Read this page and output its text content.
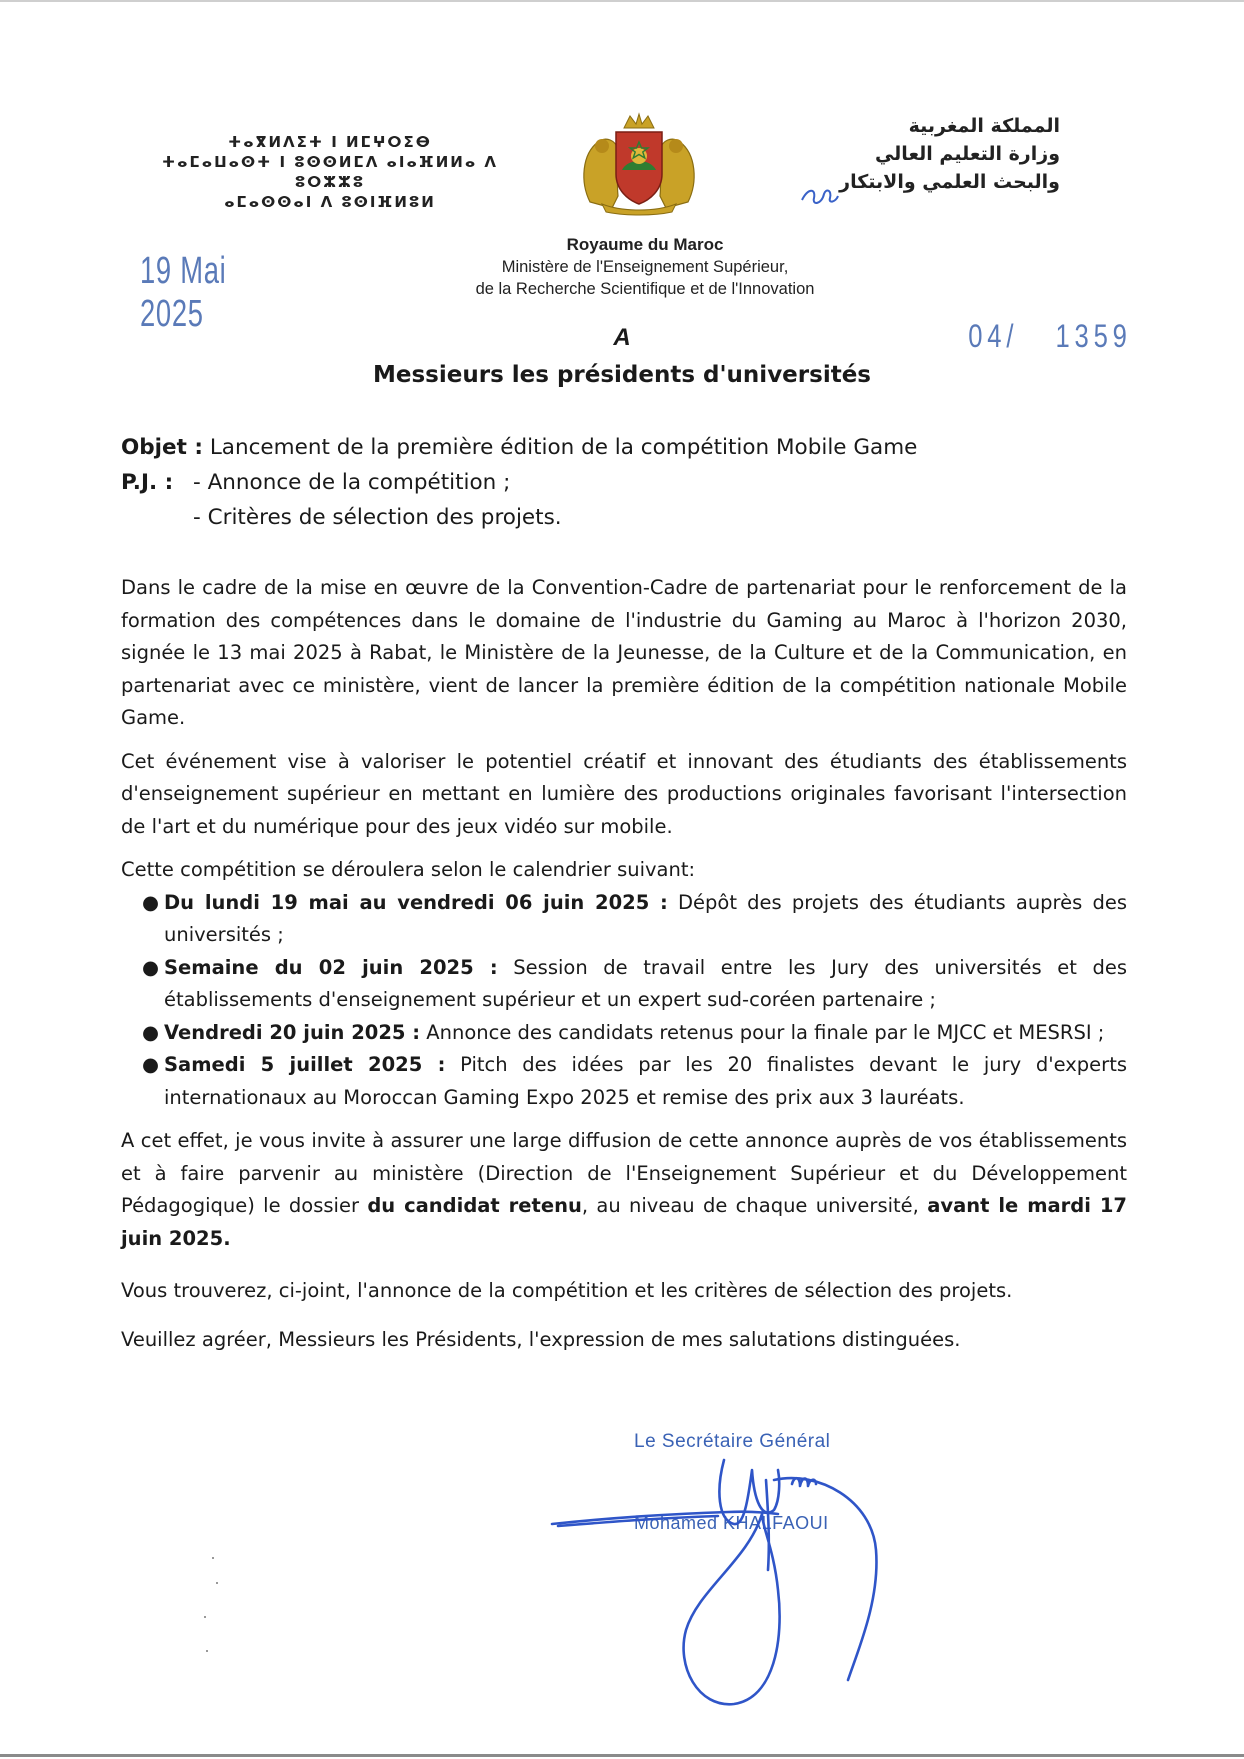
ⵜⴰⴳⵍⴷⵉⵜ ⵏ ⵍⵎⵖⵔⵉⴱ
ⵜⴰⵎⴰⵡⴰⵙⵜ ⵏ ⵓⵙⵙⵍⵎⴷ ⴰⵏⴰⴼⵍⵍⴰ ⴷ ⵓⵔⵣⵣⵓ
ⴰⵎⴰⵙⵙⴰⵏ ⴷ ⵓⵙⵏⴼⵍⵓⵍ
المملكة المغربية
وزارة التعليم العالي
والبحث العلمي والابتكار
19 Mai 2025
Royaume du Maroc
Ministère de l'Enseignement Supérieur,
de la Recherche Scientifique et de l'Innovation
04/ 1359
A
Messieurs les présidents d'universités
Objet : Lancement de la première édition de la compétition Mobile Game
P.J. : - Annonce de la compétition ;
- Critères de sélection des projets.

Dans le cadre de la mise en œuvre de la Convention-Cadre de partenariat pour le renforcement de la formation des compétences dans le domaine de l'industrie du Gaming au Maroc à l'horizon 2030, signée le 13 mai 2025 à Rabat, le Ministère de la Jeunesse, de la Culture et de la Communication, en partenariat avec ce ministère, vient de lancer la première édition de la compétition nationale Mobile Game.

Cet événement vise à valoriser le potentiel créatif et innovant des étudiants des établissements d'enseignement supérieur en mettant en lumière des productions originales favorisant l'intersection de l'art et du numérique pour des jeux vidéo sur mobile.

Cette compétition se déroulera selon le calendrier suivant:

● Du lundi 19 mai au vendredi 06 juin 2025 : Dépôt des projets des étudiants auprès des universités ;
● Semaine du 02 juin 2025 : Session de travail entre les Jury des universités et des établissements d'enseignement supérieur et un expert sud-coréen partenaire ;
● Vendredi 20 juin 2025 : Annonce des candidats retenus pour la finale par le MJCC et MESRSI ;
● Samedi 5 juillet 2025 : Pitch des idées par les 20 finalistes devant le jury d'experts internationaux au Moroccan Gaming Expo 2025 et remise des prix aux 3 lauréats.

A cet effet, je vous invite à assurer une large diffusion de cette annonce auprès de vos établissements et à faire parvenir au ministère (Direction de l'Enseignement Supérieur et du Développement Pédagogique) le dossier du candidat retenu, au niveau de chaque université, avant le mardi 17 juin 2025.

Vous trouverez, ci-joint, l'annonce de la compétition et les critères de sélection des projets.

Veuillez agréer, Messieurs les Présidents, l'expression de mes salutations distinguées.

Le Secrétaire Général
Mohamed KHALFAOUI
